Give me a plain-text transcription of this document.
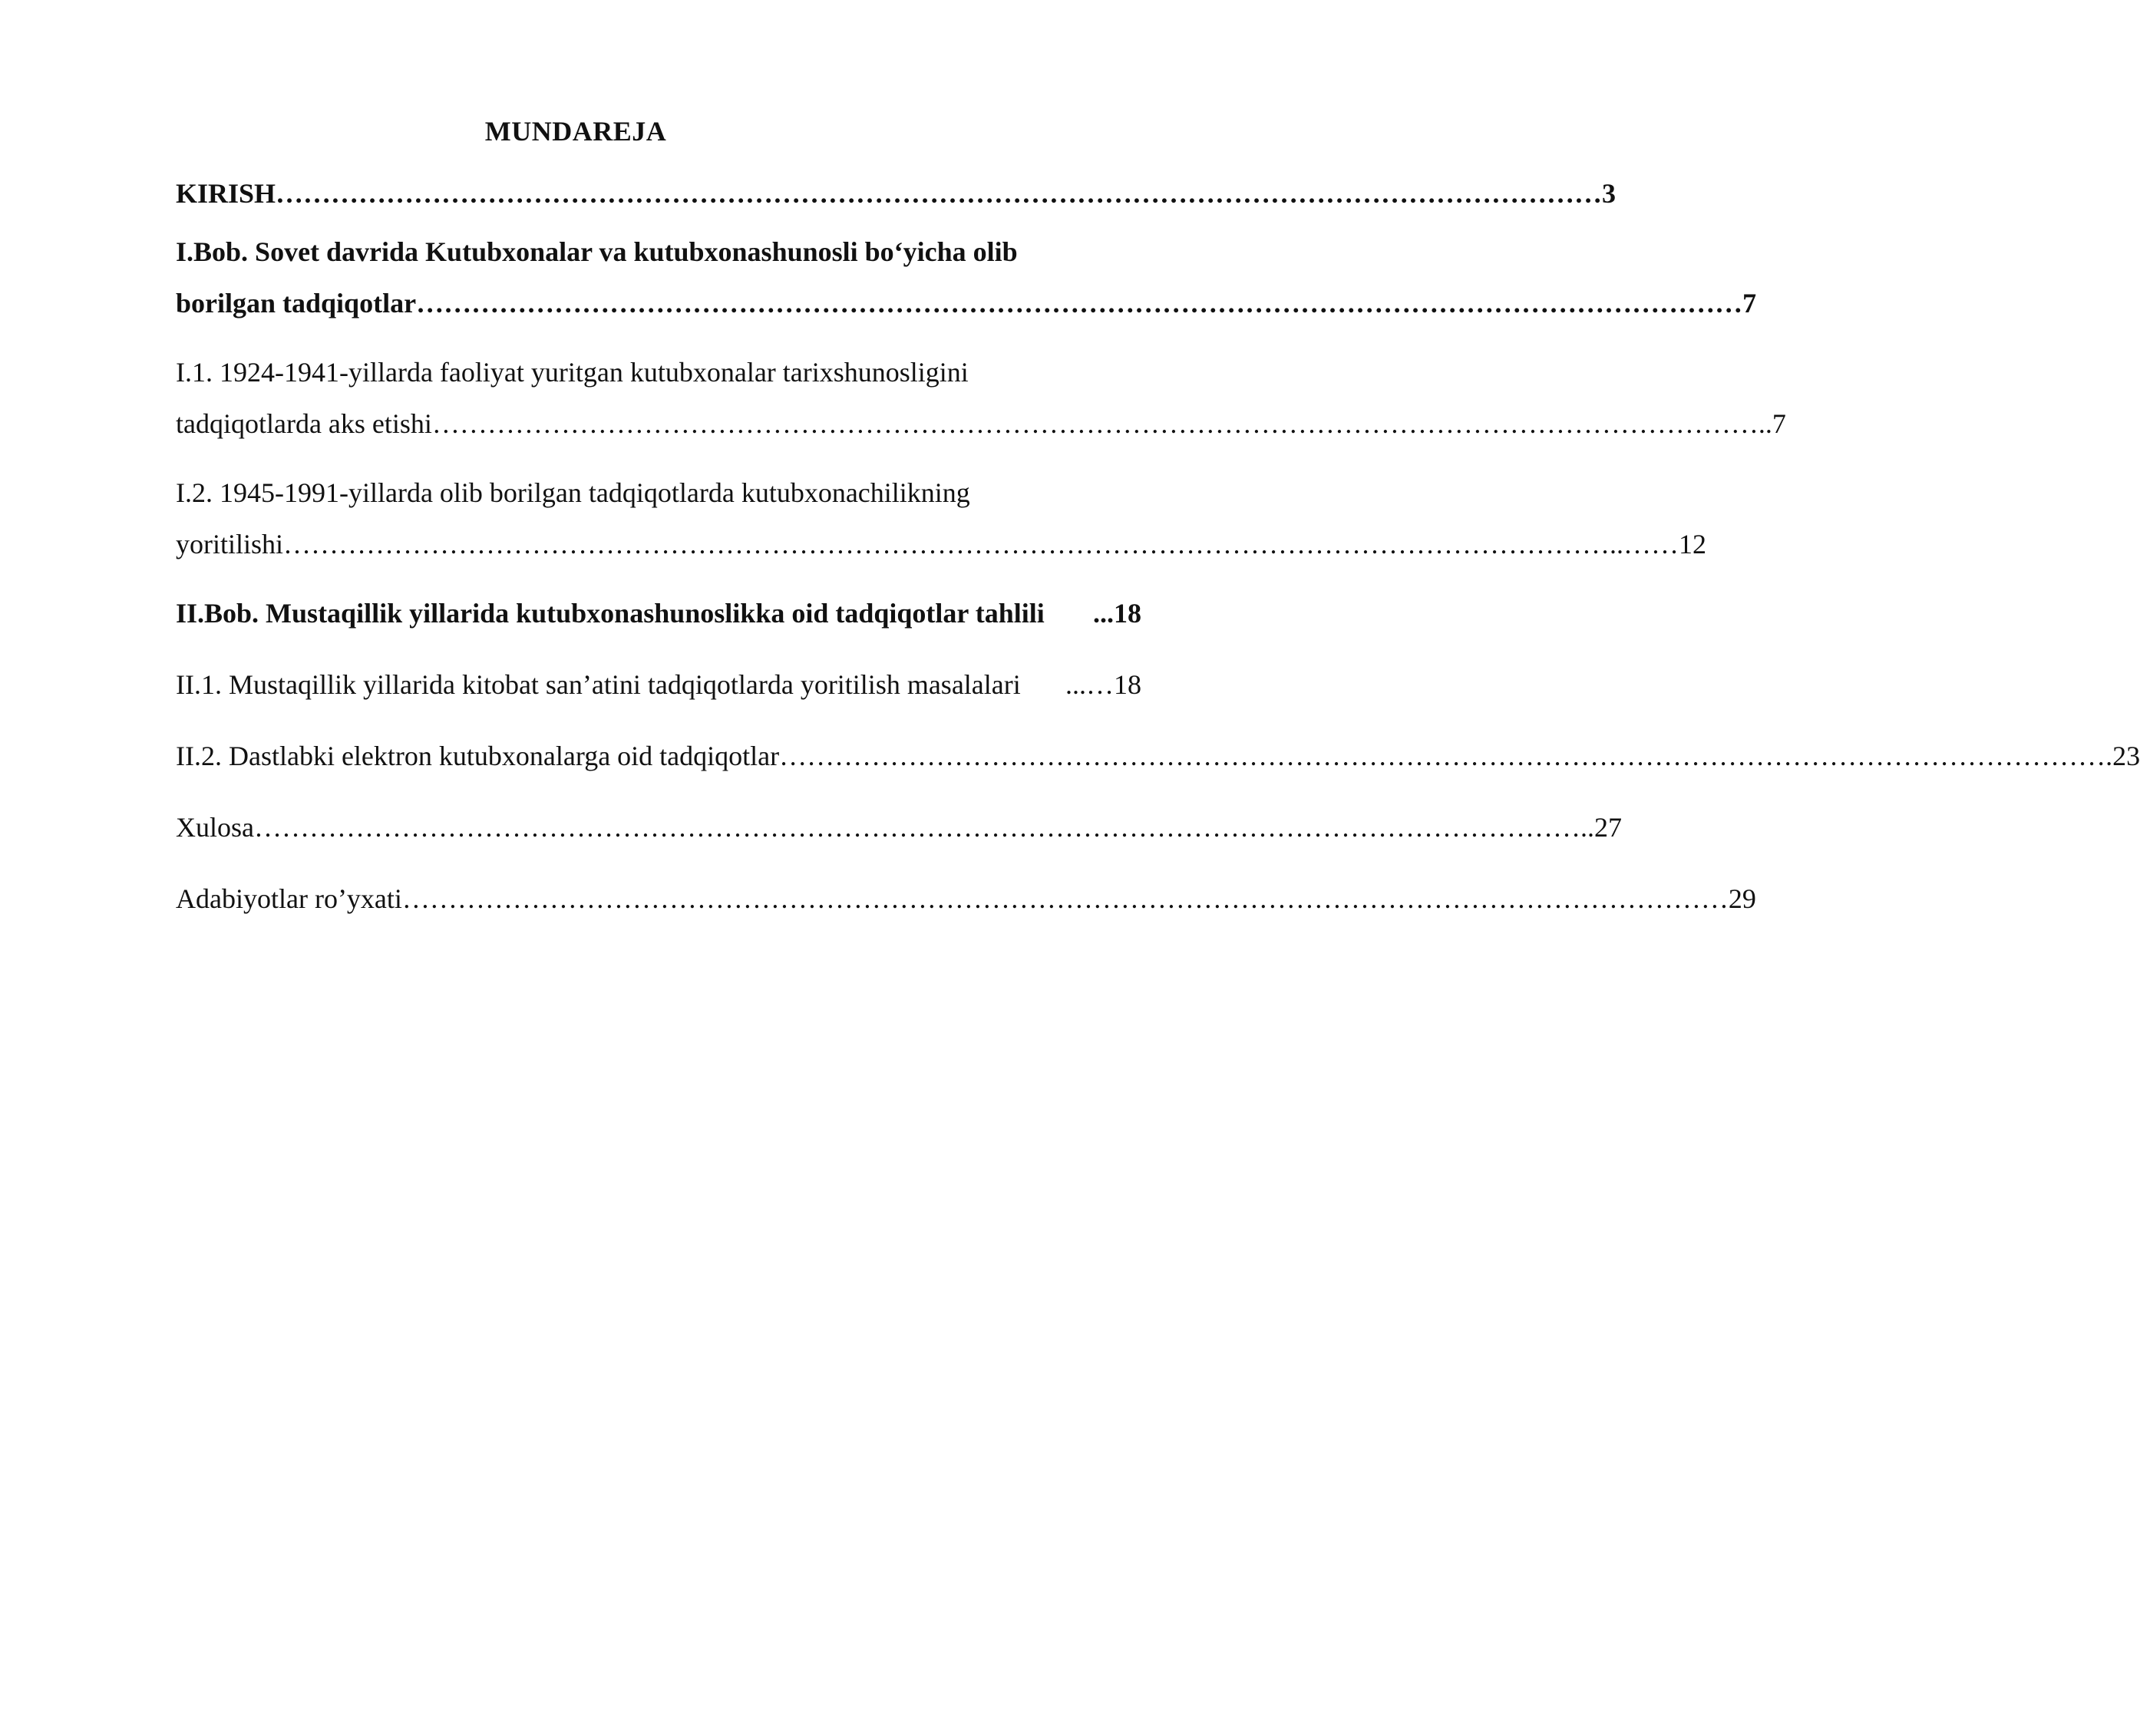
MUNDAREJA
KIRISH ……………………………………………………………………………………………………………………………… 3
I.Bob. Sovet davrida Kutubxonalar va kutubxonashunosli bo‘yicha olib
borilgan tadqiqotlar ……………………………………………………………………………………………………………………………… 7
I.1. 1924-1941-yillarda faoliyat yuritgan kutubxonalar tarixshunosligini
tadqiqotlarda aks etishi ……………………………………………………………………………………………………………………………… ..7
I.2. 1945-1991-yillarda olib borilgan tadqiqotlarda kutubxonachilikning
yoritilishi ……………………………………………………………………………………………………………………………… ..……12
II.Bob. Mustaqillik yillarida kutubxonashunoslikka oid tadqiqotlar tahlili ...18
II.1. Mustaqillik yillarida kitobat san’atini tadqiqotlarda yoritilish masalalari ...…18
II.2. Dastlabki elektron kutubxonalarga oid tadqiqotlar ……………………………………………………………………………………………………………………………… .23
Xulosa ……………………………………………………………………………………………………………………………… ..27
Adabiyotlar ro’yxati ……………………………………………………………………………………………………………………………… 29
